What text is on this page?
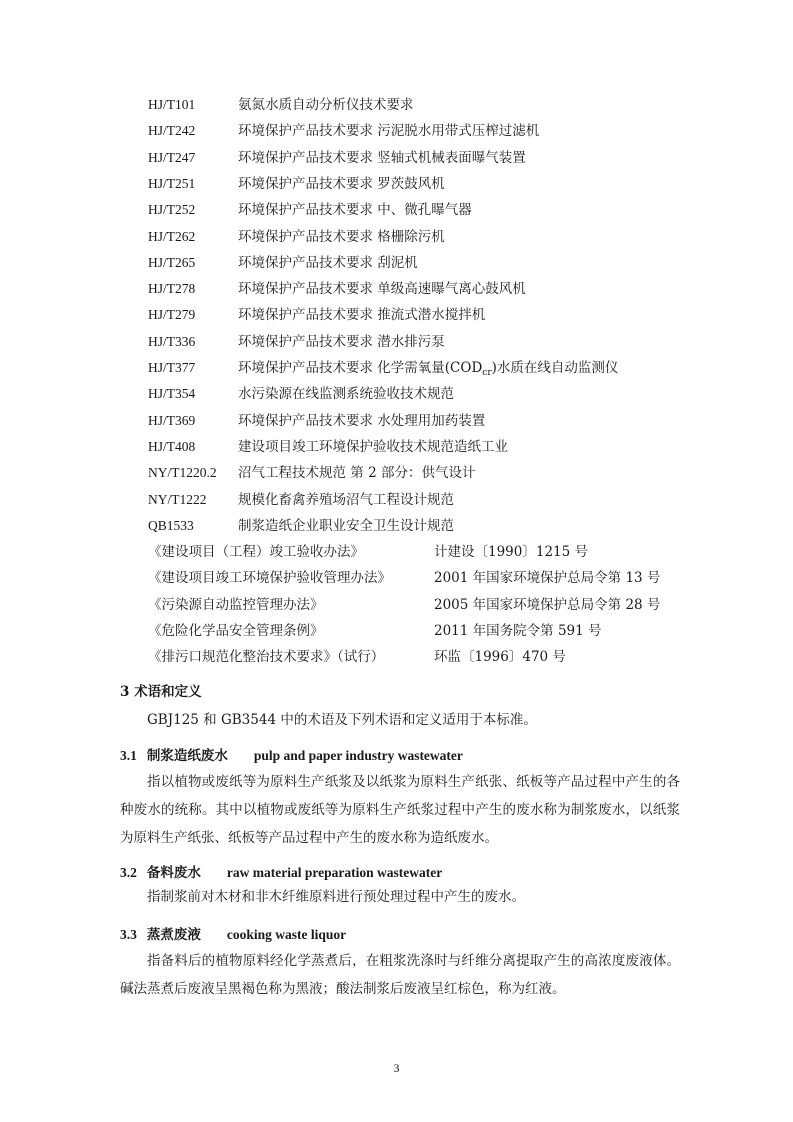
HJ/T101	氨氮水质自动分析仪技术要求
HJ/T242	环境保护产品技术要求 污泥脱水用带式压榨过滤机
HJ/T247	环境保护产品技术要求 竖轴式机械表面曝气装置
HJ/T251	环境保护产品技术要求 罗茨鼓风机
HJ/T252	环境保护产品技术要求 中、微孔曝气器
HJ/T262	环境保护产品技术要求 格栅除污机
HJ/T265	环境保护产品技术要求 刮泥机
HJ/T278	环境保护产品技术要求 单级高速曝气离心鼓风机
HJ/T279	环境保护产品技术要求 推流式潜水搅拌机
HJ/T336	环境保护产品技术要求 潜水排污泵
HJ/T377	环境保护产品技术要求 化学需氧量$(COD_{cr})$水质在线自动监测仪
HJ/T354	水污染源在线监测系统验收技术规范
HJ/T369	环境保护产品技术要求 水处理用加药装置
HJ/T408	建设项目竣工环境保护验收技术规范造纸工业
NY/T1220.2 沼气工程技术规范 第 2 部分：供气设计
NY/T1222 规模化畜禽养殖场沼气工程设计规范
QB1533	制浆造纸企业职业安全卫生设计规范
《建设项目（工程）竣工验收办法》	计建设〔1990〕1215 号
《建设项目竣工环境保护验收管理办法》	2001 年国家环境保护总局令第 13 号
《污染源自动监控管理办法》	2005 年国家环境保护总局令第 28 号
《危险化学品安全管理条例》	2011 年国务院令第 591 号
《排污口规范化整治技术要求》（试行）	环监〔1996〕470 号
3 术语和定义
GBJ125 和 GB3544 中的术语及下列术语和定义适用于本标准。
3.1 制浆造纸废水 pulp and paper industry wastewater
指以植物或废纸等为原料生产纸浆及以纸浆为原料生产纸张、纸板等产品过程中产生的各种废水的统称。其中以植物或废纸等为原料生产纸浆过程中产生的废水称为制浆废水，以纸浆为原料生产纸张、纸板等产品过程中产生的废水称为造纸废水。
3.2 备料废水 raw material preparation wastewater
指制浆前对木材和非木纤维原料进行预处理过程中产生的废水。
3.3 蒸煮废液 cooking waste liquor
指备料后的植物原料经化学蒸煮后，在粗浆洗涤时与纤维分离提取产生的高浓度废液体。碱法蒸煮后废液呈黑褐色称为黑液；酸法制浆后废液呈红棕色，称为红液。
3
